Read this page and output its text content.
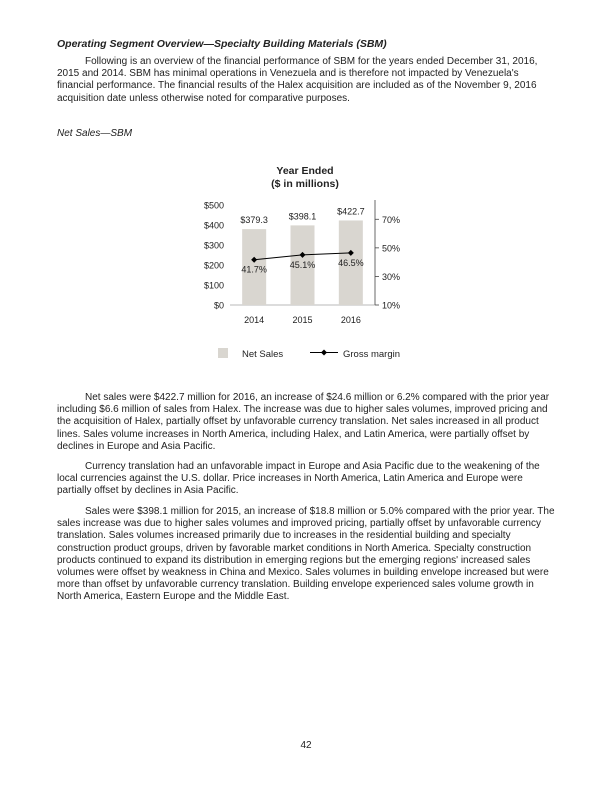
Operating Segment Overview—Specialty Building Materials (SBM)

Following is an overview of the financial performance of SBM for the years ended December 31, 2016, 2015 and 2014. SBM has minimal operations in Venezuela and is therefore not impacted by Venezuela's financial performance. The financial results of the Halex acquisition are included as of the November 9, 2016 acquisition date unless otherwise noted for comparative purposes.

Net Sales—SBM
Year Ended
($ in millions)
$0
$100
$200
$300
$400
$500
10%
30%
50%
70%
$379.3 $398.1 $422.7
41.7%	45.1%	46.5%
2014	2015	2016
Net Sales	Gross margin

Net sales were $422.7 million for 2016, an increase of $24.6 million or 6.2% compared with the prior year including $6.6 million of sales from Halex. The increase was due to higher sales volumes, improved pricing and the acquisition of Halex, partially offset by unfavorable currency translation. Net sales increased in all product lines. Sales volume increases in North America, including Halex, and Latin America, were partially offset by declines in Europe and Asia Pacific.

Currency translation had an unfavorable impact in Europe and Asia Pacific due to the weakening of the local currencies against the U.S. dollar. Price increases in North America, Latin America and Europe were partially offset by declines in Asia Pacific.

Sales were $398.1 million for 2015, an increase of $18.8 million or 5.0% compared with the prior year. The sales increase was due to higher sales volumes and improved pricing, partially offset by unfavorable currency translation. Sales volumes increased primarily due to increases in the residential building and specialty construction product groups, driven by favorable market conditions in North America. Specialty construction products continued to expand its distribution in emerging regions but the emerging regions' increased sales volumes were offset by weakness in China and Mexico. Sales volumes in building envelope increased but were more than offset by unfavorable currency translation. Building envelope experienced sales volume growth in North America, Eastern Europe and the Middle East.

42
